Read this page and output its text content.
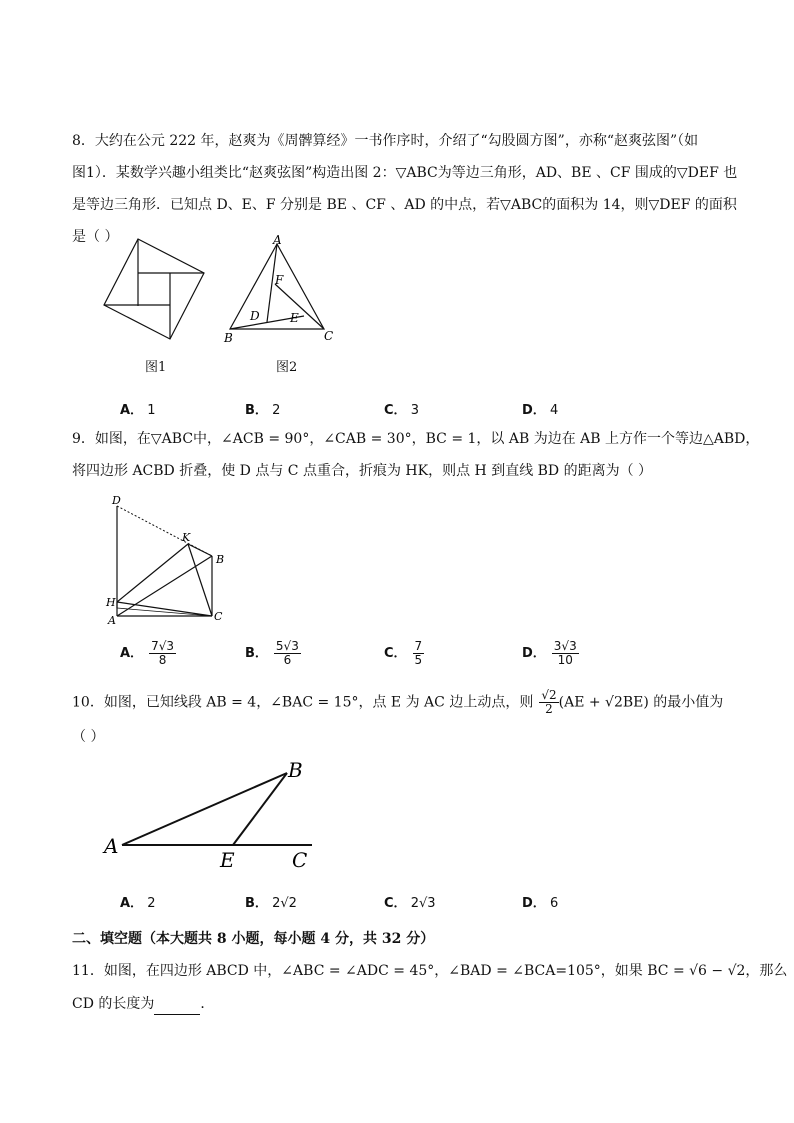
8．大约在公元 222 年，赵爽为《周髀算经》一书作序时，介绍了“勾股圆方图”，亦称“赵爽弦图”（如
图1）．某数学兴趣小组类比“赵爽弦图”构造出图 2：▽ABC为等边三角形，AD、BE 、CF 围成的▽DEF 也
是等边三角形．已知点 D、E、F 分别是 BE 、CF 、AD 的中点，若▽ABC的面积为 14，则▽DEF 的面积
是（ ）
图1
A
F
D	E
B	C
图2
A． 1	B． 2	C． 3	D． 4
9．如图，在▽ABC中，∠ACB = 90°，∠CAB = 30°，BC = 1，以 AB 为边在 AB 上方作一个等边△ABD，
将四边形 ACBD 折叠，使 D 点与 C 点重合，折痕为 HK，则点 H 到直线 BD 的距离为（ ）
D
K
B
H
A	C
A． $\frac{7√3}{8}$	B． $\frac{5√3}{6}$	C． $\frac{7}{5}$	D． $\frac{3√3}{10}$
10．如图，已知线段 AB = 4，∠BAC = 15°，点 E 为 AC 边上动点，则 $\frac{√2}{2} (AE + √2BE)$ 的最小值为
（ ）
A
B
E	C
A． 2	B． 2√2	C． 2√3	D． 6
二、填空题（本大题共 8 小题，每小题 4 分，共 32 分）
11．如图，在四边形 ABCD 中，∠ABC = ∠ADC = 45°，∠BAD = ∠BCA=105°，如果 BC = √6 − √2，那么
CD 的长度为	．
